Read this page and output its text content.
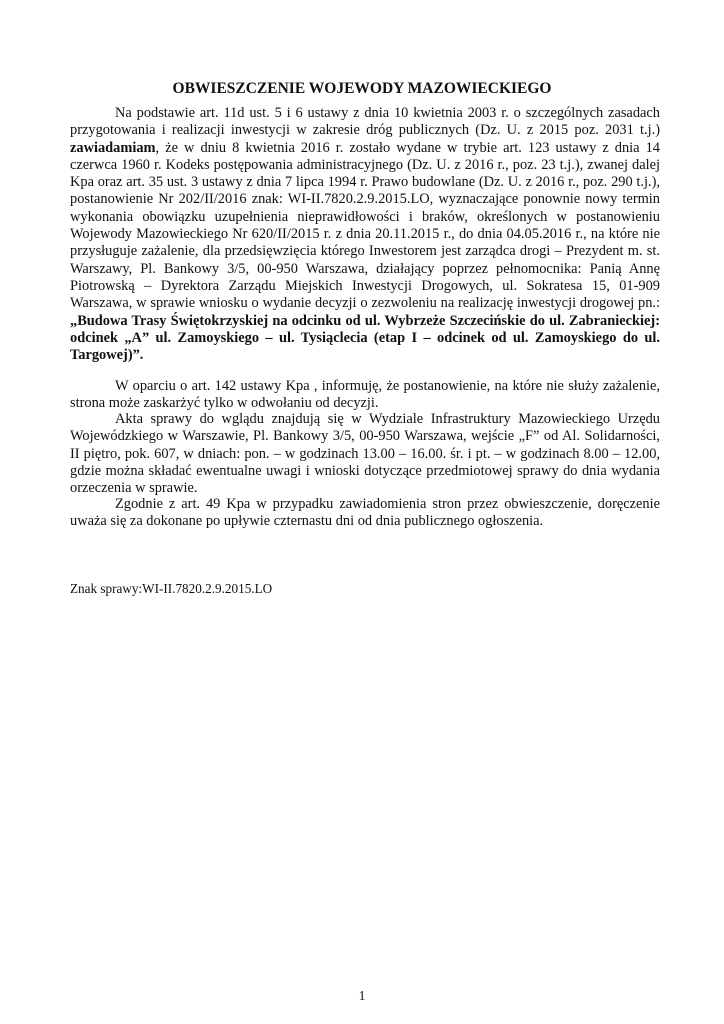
OBWIESZCZENIE WOJEWODY MAZOWIECKIEGO

Na podstawie art. 11d ust. 5 i 6 ustawy z dnia 10 kwietnia 2003 r. o szczególnych zasadach przygotowania i realizacji inwestycji w zakresie dróg publicznych (Dz. U. z 2015 poz. 2031 t.j.) zawiadamiam, że w dniu 8 kwietnia 2016 r. zostało wydane w trybie art. 123 ustawy z dnia 14 czerwca 1960 r. Kodeks postępowania administracyjnego (Dz. U. z 2016 r., poz. 23 t.j.), zwanej dalej Kpa oraz art. 35 ust. 3 ustawy z dnia 7 lipca 1994 r. Prawo budowlane (Dz. U. z 2016 r., poz. 290 t.j.), postanowienie Nr 202/II/2016 znak: WI-II.7820.2.9.2015.LO, wyznaczające ponownie nowy termin wykonania obowiązku uzupełnienia nieprawidłowości i braków, określonych w postanowieniu Wojewody Mazowieckiego Nr 620/II/2015 r. z dnia 20.11.2015 r., do dnia 04.05.2016 r., na które nie przysługuje zażalenie, dla przedsięwzięcia którego Inwestorem jest zarządca drogi – Prezydent m. st. Warszawy, Pl. Bankowy 3/5, 00-950 Warszawa, działający poprzez pełnomocnika: Panią Annę Piotrowską – Dyrektora Zarządu Miejskich Inwestycji Drogowych, ul. Sokratesa 15, 01-909 Warszawa, w sprawie wniosku o wydanie decyzji o zezwoleniu na realizację inwestycji drogowej pn.: „Budowa Trasy Świętokrzyskiej na odcinku od ul. Wybrzeże Szczecińskie do ul. Zabranieckiej: odcinek „A” ul. Zamoyskiego – ul. Tysiąclecia (etap I – odcinek od ul. Zamoyskiego do ul. Targowej)”.

W oparciu o art. 142 ustawy Kpa , informuję, że postanowienie, na które nie służy zażalenie, strona może zaskarżyć tylko w odwołaniu od decyzji.

Akta sprawy do wglądu znajdują się w Wydziale Infrastruktury Mazowieckiego Urzędu Wojewódzkiego w Warszawie, Pl. Bankowy 3/5, 00-950 Warszawa, wejście „F” od Al. Solidarności, II piętro, pok. 607, w dniach: pon. – w godzinach 13.00 – 16.00. śr. i pt. – w godzinach 8.00 – 12.00, gdzie można składać ewentualne uwagi i wnioski dotyczące przedmiotowej sprawy do dnia wydania orzeczenia w sprawie.

Zgodnie z art. 49 Kpa w przypadku zawiadomienia stron przez obwieszczenie, doręczenie uważa się za dokonane po upływie czternastu dni od dnia publicznego ogłoszenia.

Znak sprawy:WI-II.7820.2.9.2015.LO
1
